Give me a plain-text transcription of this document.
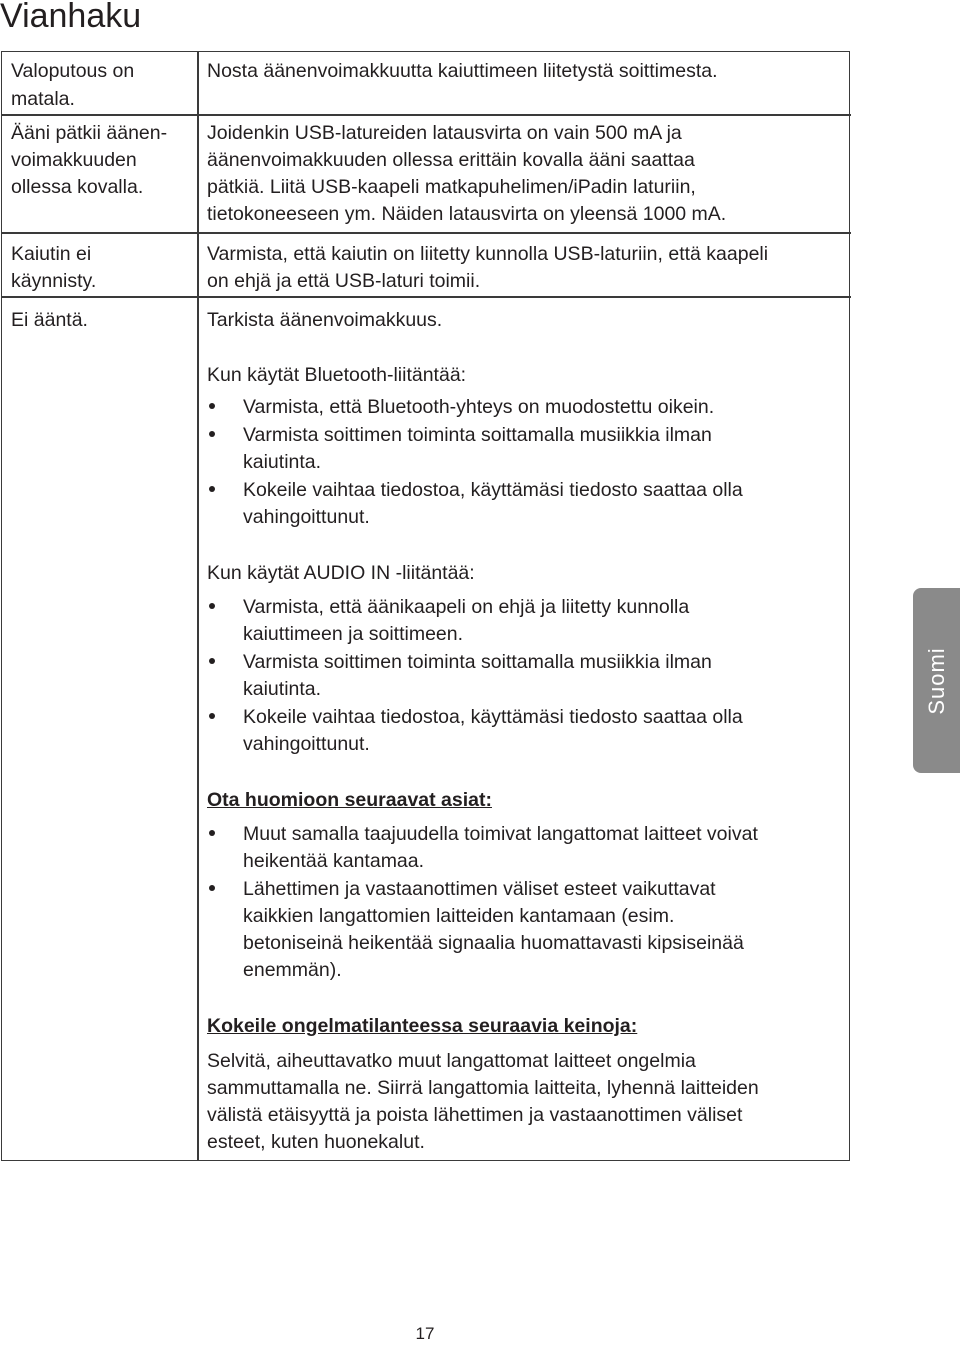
Vianhaku
Valoputous on
matala.
Ääni pätkii äänen-
voimakkuuden
ollessa kovalla.
Kaiutin ei
käynnisty.
Ei ääntä.
Nosta äänenvoimakkuutta kaiuttimeen liitetystä soittimesta.
Joidenkin USB-latureiden latausvirta on vain 500 mA ja
äänenvoimakkuuden ollessa erittäin kovalla ääni saattaa
pätkiä. Liitä USB-kaapeli matkapuhelimen/iPadin laturiin,
tietokoneeseen ym. Näiden latausvirta on yleensä 1000 mA.
Varmista, että kaiutin on liitetty kunnolla USB-laturiin, että kaapeli
on ehjä ja että USB-laturi toimii.
Tarkista äänenvoimakkuus.
Kun käytät Bluetooth-liitäntää:
Varmista, että Bluetooth-yhteys on muodostettu oikein.
Varmista soittimen toiminta soittamalla musiikkia ilman
kaiutinta.
Kokeile vaihtaa tiedostoa, käyttämäsi tiedosto saattaa olla
vahingoittunut.
Kun käytät AUDIO IN -liitäntää:
Varmista, että äänikaapeli on ehjä ja liitetty kunnolla
kaiuttimeen ja soittimeen.
Varmista soittimen toiminta soittamalla musiikkia ilman
kaiutinta.
Kokeile vaihtaa tiedostoa, käyttämäsi tiedosto saattaa olla
vahingoittunut.
Ota huomioon seuraavat asiat:
Muut samalla taajuudella toimivat langattomat laitteet voivat
heikentää kantamaa.
Lähettimen ja vastaanottimen väliset esteet vaikuttavat
kaikkien langattomien laitteiden kantamaan (esim.
betoniseinä heikentää signaalia huomattavasti kipsiseinää
enemmän).
Kokeile ongelmatilanteessa seuraavia keinoja:
Selvitä, aiheuttavatko muut langattomat laitteet ongelmia
sammuttamalla ne. Siirrä langattomia laitteita, lyhennä laitteiden
välistä etäisyyttä ja poista lähettimen ja vastaanottimen väliset
esteet, kuten huonekalut.
Suomi
17
